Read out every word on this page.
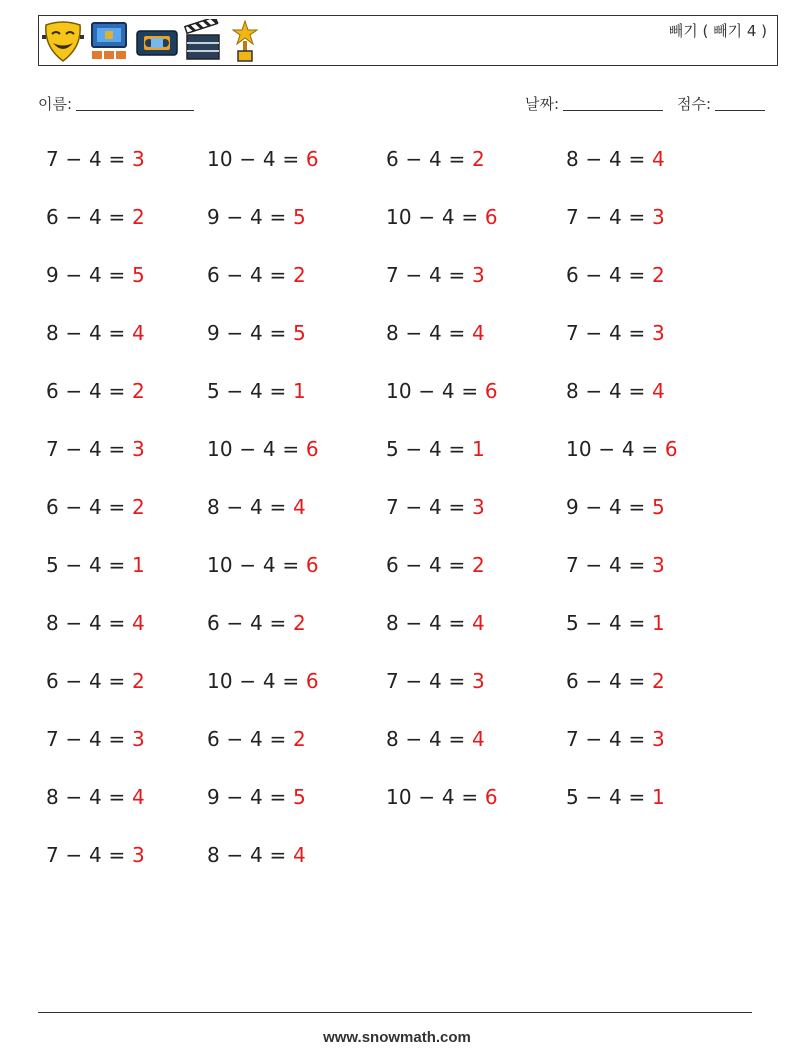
빼기 ( 빼기 4 )
이름:	날짜:	점수:
7 − 4 = 3	10 − 4 = 6	6 − 4 = 2	8 − 4 = 4
6 − 4 = 2	9 − 4 = 5	10 − 4 = 6	7 − 4 = 3
9 − 4 = 5	6 − 4 = 2	7 − 4 = 3	6 − 4 = 2
8 − 4 = 4	9 − 4 = 5	8 − 4 = 4	7 − 4 = 3
6 − 4 = 2	5 − 4 = 1	10 − 4 = 6	8 − 4 = 4
7 − 4 = 3	10 − 4 = 6	5 − 4 = 1	10 − 4 = 6
6 − 4 = 2	8 − 4 = 4	7 − 4 = 3	9 − 4 = 5
5 − 4 = 1	10 − 4 = 6	6 − 4 = 2	7 − 4 = 3
8 − 4 = 4	6 − 4 = 2	8 − 4 = 4	5 − 4 = 1
6 − 4 = 2	10 − 4 = 6	7 − 4 = 3	6 − 4 = 2
7 − 4 = 3	6 − 4 = 2	8 − 4 = 4	7 − 4 = 3
8 − 4 = 4	9 − 4 = 5	10 − 4 = 6	5 − 4 = 1
7 − 4 = 3	8 − 4 = 4
www.snowmath.com
